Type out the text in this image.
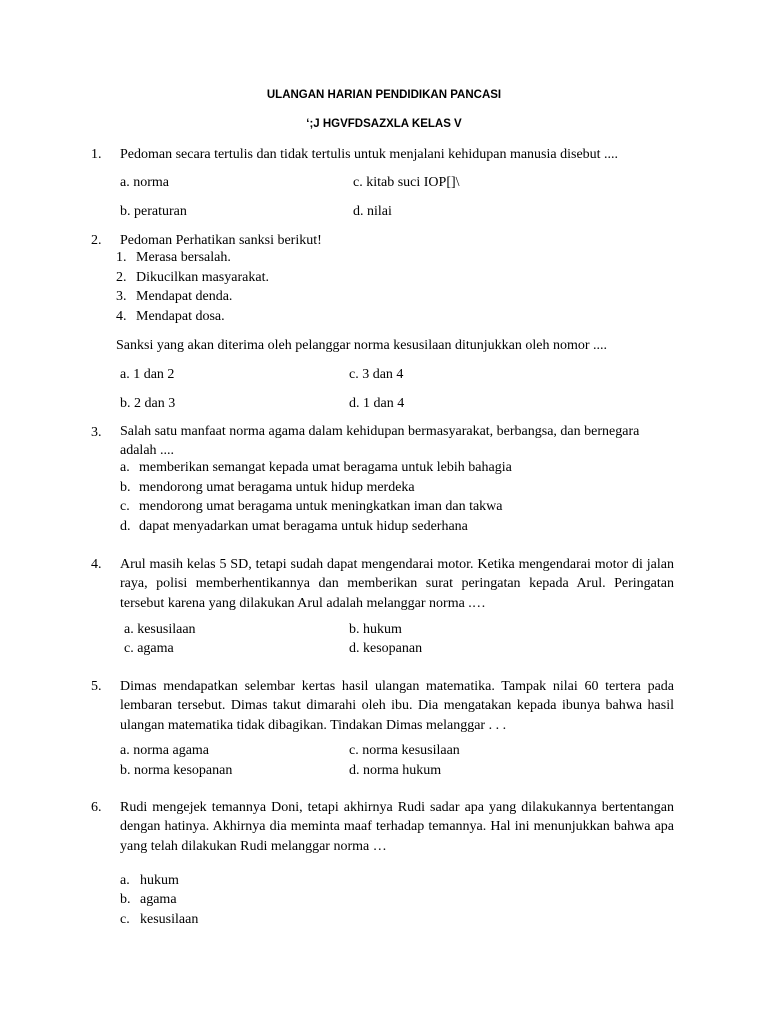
ULANGAN HARIAN PENDIDIKAN PANCASI
‘;J HGVFDSAZXLA KELAS V
1. Pedoman secara tertulis dan tidak tertulis untuk menjalani kehidupan manusia disebut ....
a. norma	c. kitab suci IOP[]\
b. peraturan	d. nilai
2. Pedoman Perhatikan sanksi berikut!
1. Merasa bersalah.
2. Dikucilkan masyarakat.
3. Mendapat denda.
4. Mendapat dosa.
Sanksi yang akan diterima oleh pelanggar norma kesusilaan ditunjukkan oleh nomor ....
a. 1 dan 2	c. 3 dan 4
b. 2 dan 3	d. 1 dan 4
3. Salah satu manfaat norma agama dalam kehidupan bermasyarakat, berbangsa, dan bernegara adalah ....
a. memberikan semangat kepada umat beragama untuk lebih bahagia
b. mendorong umat beragama untuk hidup merdeka
c. mendorong umat beragama untuk meningkatkan iman dan takwa
d. dapat menyadarkan umat beragama untuk hidup sederhana
4. Arul masih kelas 5 SD, tetapi sudah dapat mengendarai motor. Ketika mengendarai motor di jalan raya, polisi memberhentikannya dan memberikan surat peringatan kepada Arul. Peringatan tersebut karena yang dilakukan Arul adalah melanggar norma .…
a. kesusilaan	b. hukum
c. agama	d. kesopanan
5. Dimas mendapatkan selembar kertas hasil ulangan matematika. Tampak nilai 60 tertera pada lembaran tersebut. Dimas takut dimarahi oleh ibu. Dia mengatakan kepada ibunya bahwa hasil ulangan matematika tidak dibagikan. Tindakan Dimas melanggar . . .
a. norma agama	c. norma kesusilaan
b. norma kesopanan	d. norma hukum
6. Rudi mengejek temannya Doni, tetapi akhirnya Rudi sadar apa yang dilakukannya bertentangan dengan hatinya. Akhirnya dia meminta maaf terhadap temannya. Hal ini menunjukkan bahwa apa yang telah dilakukan Rudi melanggar norma …
a. hukum
b. agama
c. kesusilaan
